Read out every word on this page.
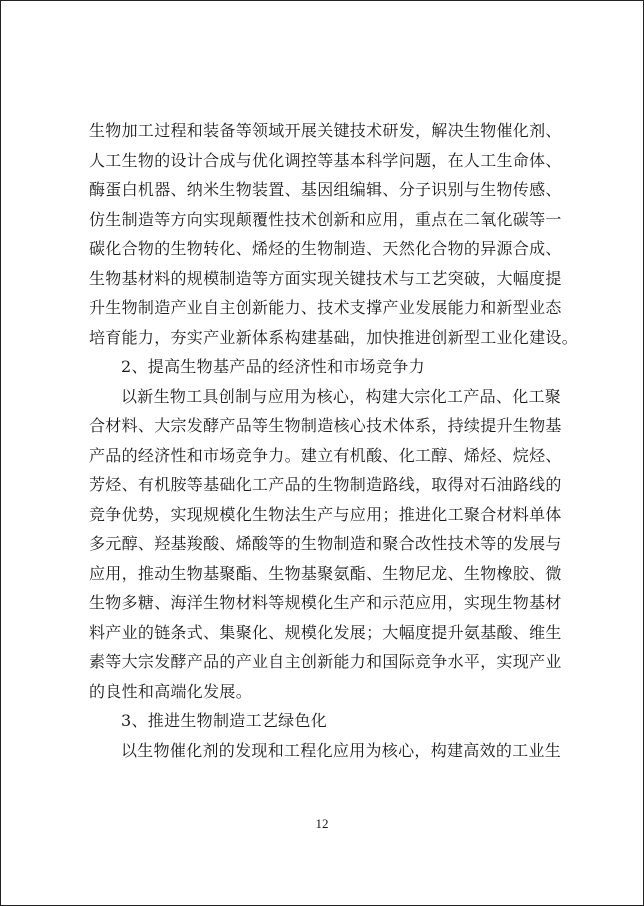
生物加工过程和装备等领域开展关键技术研发，解决生物催化剂、
人工生物的设计合成与优化调控等基本科学问题，在人工生命体、
酶蛋白机器、纳米生物装置、基因组编辑、分子识别与生物传感、
仿生制造等方向实现颠覆性技术创新和应用，重点在二氧化碳等一
碳化合物的生物转化、烯烃的生物制造、天然化合物的异源合成、
生物基材料的规模制造等方面实现关键技术与工艺突破，大幅度提
升生物制造产业自主创新能力、技术支撑产业发展能力和新型业态
培育能力，夯实产业新体系构建基础，加快推进创新型工业化建设。
2、提高生物基产品的经济性和市场竞争力
以新生物工具创制与应用为核心，构建大宗化工产品、化工聚
合材料、大宗发酵产品等生物制造核心技术体系，持续提升生物基
产品的经济性和市场竞争力。建立有机酸、化工醇、烯烃、烷烃、
芳烃、有机胺等基础化工产品的生物制造路线，取得对石油路线的
竞争优势，实现规模化生物法生产与应用；推进化工聚合材料单体
多元醇、羟基羧酸、烯酸等的生物制造和聚合改性技术等的发展与
应用，推动生物基聚酯、生物基聚氨酯、生物尼龙、生物橡胶、微
生物多糖、海洋生物材料等规模化生产和示范应用，实现生物基材
料产业的链条式、集聚化、规模化发展；大幅度提升氨基酸、维生
素等大宗发酵产品的产业自主创新能力和国际竞争水平，实现产业
的良性和高端化发展。
3、推进生物制造工艺绿色化
以生物催化剂的发现和工程化应用为核心，构建高效的工业生
12
